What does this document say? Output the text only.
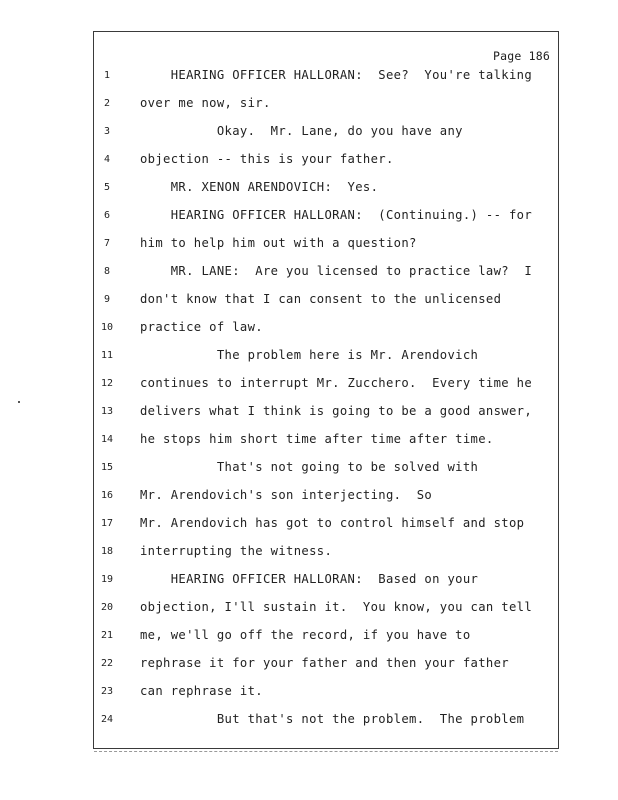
Page 186
1	HEARING OFFICER HALLORAN:  See?  You're talking
2	over me now, sir.
3	Okay.  Mr. Lane, do you have any
4	objection -- this is your father.
5	MR. XENON ARENDOVICH:  Yes.
6	HEARING OFFICER HALLORAN:  (Continuing.) -- for
7	him to help him out with a question?
8	MR. LANE:  Are you licensed to practice law?  I
9	don't know that I can consent to the unlicensed
10	practice of law.
11	The problem here is Mr. Arendovich
12	continues to interrupt Mr. Zucchero.  Every time he
13	delivers what I think is going to be a good answer,
14	he stops him short time after time after time.
15	That's not going to be solved with
16	Mr. Arendovich's son interjecting.  So
17	Mr. Arendovich has got to control himself and stop
18	interrupting the witness.
19	HEARING OFFICER HALLORAN:  Based on your
20	objection, I'll sustain it.  You know, you can tell
21	me, we'll go off the record, if you have to
22	rephrase it for your father and then your father
23	can rephrase it.
24	But that's not the problem.  The problem
